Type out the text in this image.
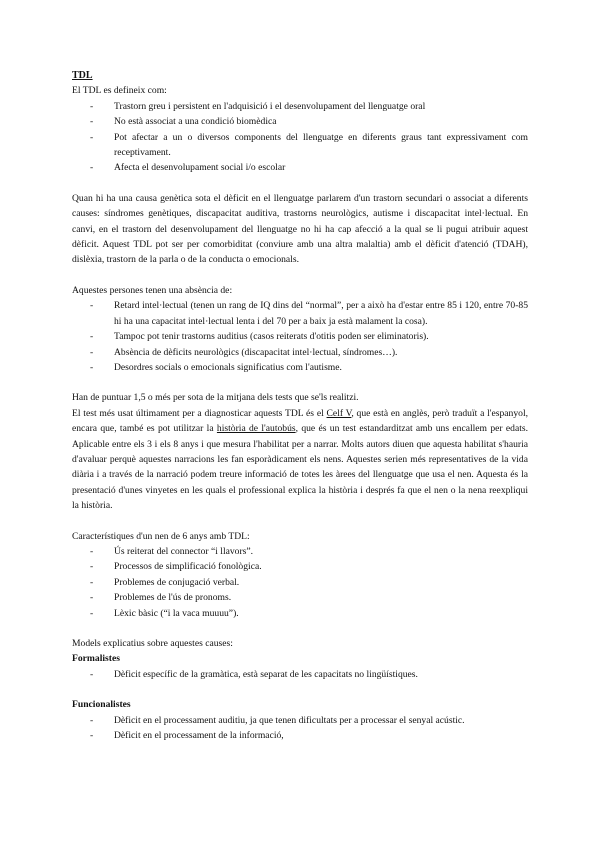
TDL

El TDL es defineix com:

- Trastorn greu i persistent en l'adquisició i el desenvolupament del llenguatge oral
- No està associat a una condició biomèdica
- Pot afectar a un o diversos components del llenguatge en diferents graus tant expressivament com receptivament.
- Afecta el desenvolupament social i/o escolar

Quan hi ha una causa genètica sota el dèficit en el llenguatge parlarem d'un trastorn secundari o associat a diferents causes: síndromes genètiques, discapacitat auditiva, trastorns neurològics, autisme i discapacitat intel·lectual. En canvi, en el trastorn del desenvolupament del llenguatge no hi ha cap afecció a la qual se li pugui atribuir aquest dèficit. Aquest TDL pot ser per comorbiditat (conviure amb una altra malaltia) amb el dèficit d'atenció (TDAH), dislèxia, trastorn de la parla o de la conducta o emocionals.

Aquestes persones tenen una absència de:

- Retard intel·lectual (tenen un rang de IQ dins del “normal”, per a això ha d'estar entre 85 i 120, entre 70-85 hi ha una capacitat intel·lectual lenta i del 70 per a baix ja està malament la cosa).
- Tampoc pot tenir trastorns auditius (casos reiterats d'otitis poden ser eliminatoris).
- Absència de dèficits neurològics (discapacitat intel·lectual, síndromes…).
- Desordres socials o emocionals significatius com l'autisme.

Han de puntuar 1,5 o més per sota de la mitjana dels tests que se'ls realitzi.

El test més usat últimament per a diagnosticar aquests TDL és el Celf V, que està en anglès, però traduït a l'espanyol, encara que, també es pot utilitzar la història de l'autobús, que és un test estandarditzat amb uns encallem per edats. Aplicable entre els 3 i els 8 anys i que mesura l'habilitat per a narrar. Molts autors diuen que aquesta habilitat s'hauria d'avaluar perquè aquestes narracions les fan esporàdicament els nens. Aquestes serien més representatives de la vida diària i a través de la narració podem treure informació de totes les àrees del llenguatge que usa el nen. Aquesta és la presentació d'unes vinyetes en les quals el professional explica la història i després fa que el nen o la nena reexpliqui la història.

Característiques d'un nen de 6 anys amb TDL:

- Ús reiterat del connector “i llavors”.
- Processos de simplificació fonològica.
- Problemes de conjugació verbal.
- Problemes de l'ús de pronoms.
- Lèxic bàsic (“i la vaca muuuu”).

Models explicatius sobre aquestes causes:

Formalistes

- Dèficit específic de la gramàtica, està separat de les capacitats no lingüístiques.

Funcionalistes

- Dèficit en el processament auditiu, ja que tenen dificultats per a processar el senyal acústic.
- Dèficit en el processament de la informació,
